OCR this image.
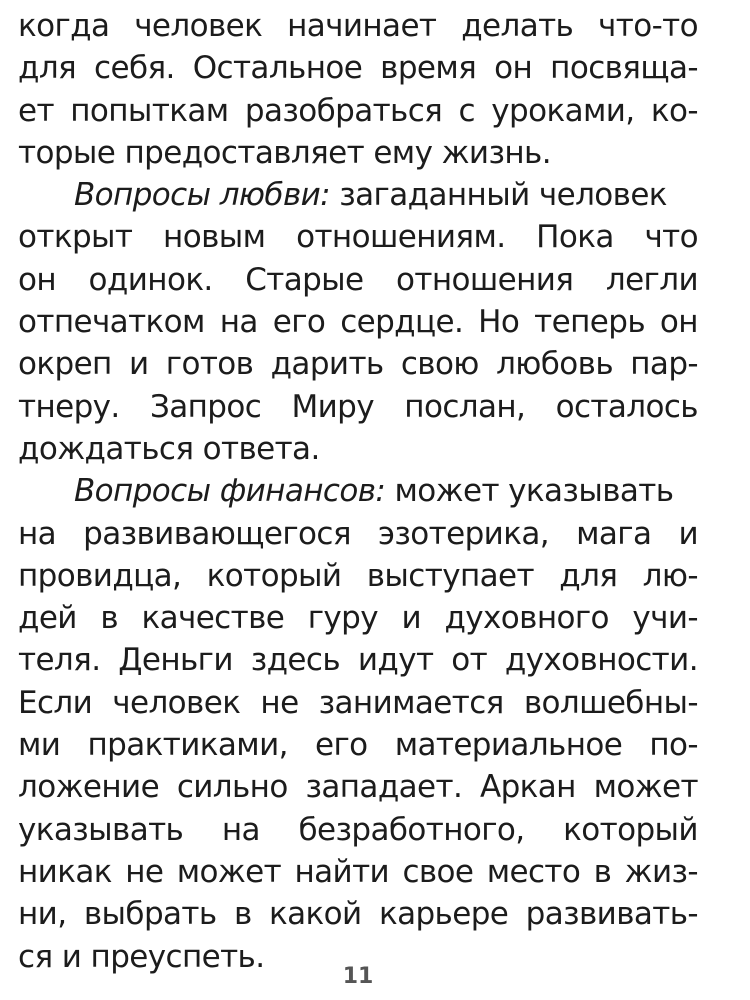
когда человек начинает делать что-то
для себя. Остальное время он посвяща-
ет попыткам разобраться с уроками, ко-
торые предоставляет ему жизнь.
Вопросы любви: загаданный человек
открыт новым отношениям. Пока что
он одинок. Старые отношения легли
отпечатком на его сердце. Но теперь он
окреп и готов дарить свою любовь пар-
тнеру. Запрос Миру послан, осталось
дождаться ответа.
Вопросы финансов: может указывать
на развивающегося эзотерика, мага и
провидца, который выступает для лю-
дей в качестве гуру и духовного учи-
теля. Деньги здесь идут от духовности.
Если человек не занимается волшебны-
ми практиками, его материальное по-
ложение сильно западает. Аркан может
указывать на безработного, который
никак не может найти свое место в жиз-
ни, выбрать в какой карьере развивать-
ся и преуспеть.
11
